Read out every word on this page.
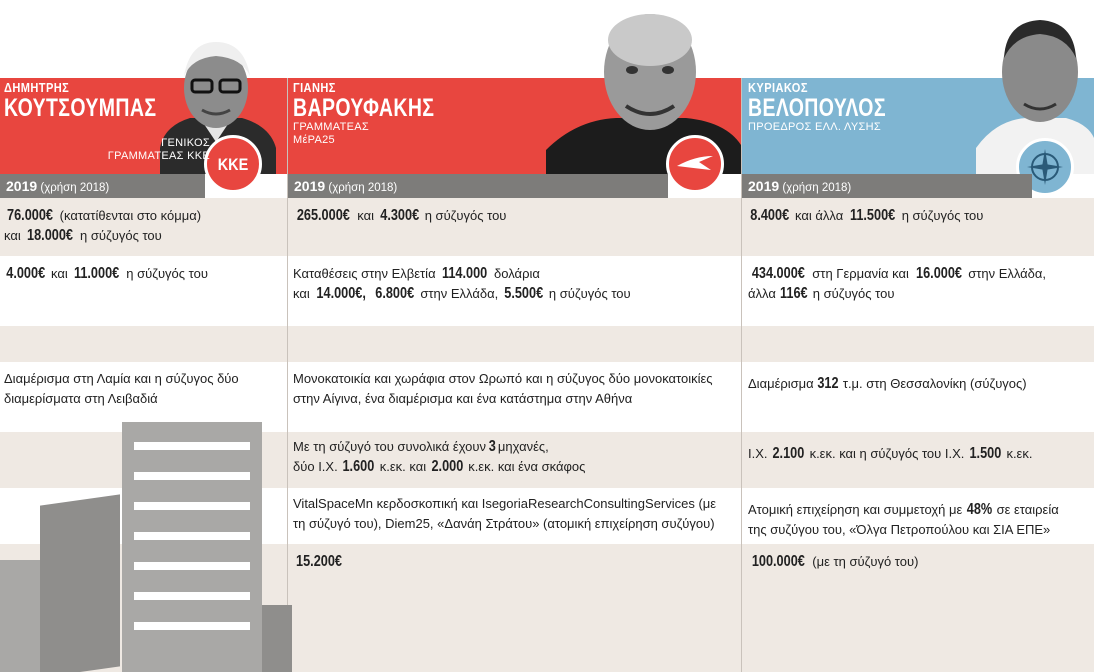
ΚΚΕ
ΔΗΜΗΤΡΗΣ
ΚΟΥΤΣΟΥΜΠΑΣ
ΓΕΝΙΚΟΣ
ΓΡΑΜΜΑΤΕΑΣ ΚΚΕ
2019 (χρήση 2018)
ΓΙΑΝΗΣ
ΒΑΡΟΥΦΑΚΗΣ
ΓΡΑΜΜΑΤΕΑΣ
ΜέΡΑ25
2019 (χρήση 2018)
ΚΥΡΙΑΚΟΣ
ΒΕΛΟΠΟΥΛΟΣ
ΠΡΟΕΔΡΟΣ ΕΛΛ. ΛΥΣΗΣ
2019 (χρήση 2018)
76.000€ (κατατίθενται στο κόμμα)
και 18.000€ η σύζυγός του
4.000€ και 11.000€ η σύζυγός του
Διαμέρισμα στη Λαμία και η σύζυγος δύο
διαμερίσματα στη Λειβαδιά
265.000€ και 4.300€ η σύζυγός του
Καταθέσεις στην Ελβετία 114.000 δολάρια
και 14.000€, 6.800€ στην Ελλάδα, 5.500€ η σύζυγός του
Μονοκατοικία και χωράφια στον Ωρωπό και η σύζυγος δύο μονοκατοικίες
στην Αίγινα, ένα διαμέρισμα και ένα κατάστημα στην Αθήνα
Με τη σύζυγό του συνολικά έχουν 3 μηχανές,
δύο Ι.Χ. 1.600 κ.εκ. και 2.000 κ.εκ. και ένα σκάφος
VitalSpaceMn κερδοσκοπική και IsegoriaResearchConsultingServices (με
τη σύζυγό του), Diem25, «Δανάη Στράτου» (ατομική επιχείρηση συζύγου)
15.200€
8.400€ και άλλα 11.500€ η σύζυγός του
434.000€ στη Γερμανία και 16.000€ στην Ελλάδα,
άλλα 116€ η σύζυγός του
Διαμέρισμα 312 τ.μ. στη Θεσσαλονίκη (σύζυγος)
Ι.Χ. 2.100 κ.εκ. και η σύζυγός του Ι.Χ. 1.500 κ.εκ.
Ατομική επιχείρηση και συμμετοχή με 48% σε εταιρεία
της συζύγου του, «Όλγα Πετροπούλου και ΣΙΑ ΕΠΕ»
100.000€ (με τη σύζυγό του)
